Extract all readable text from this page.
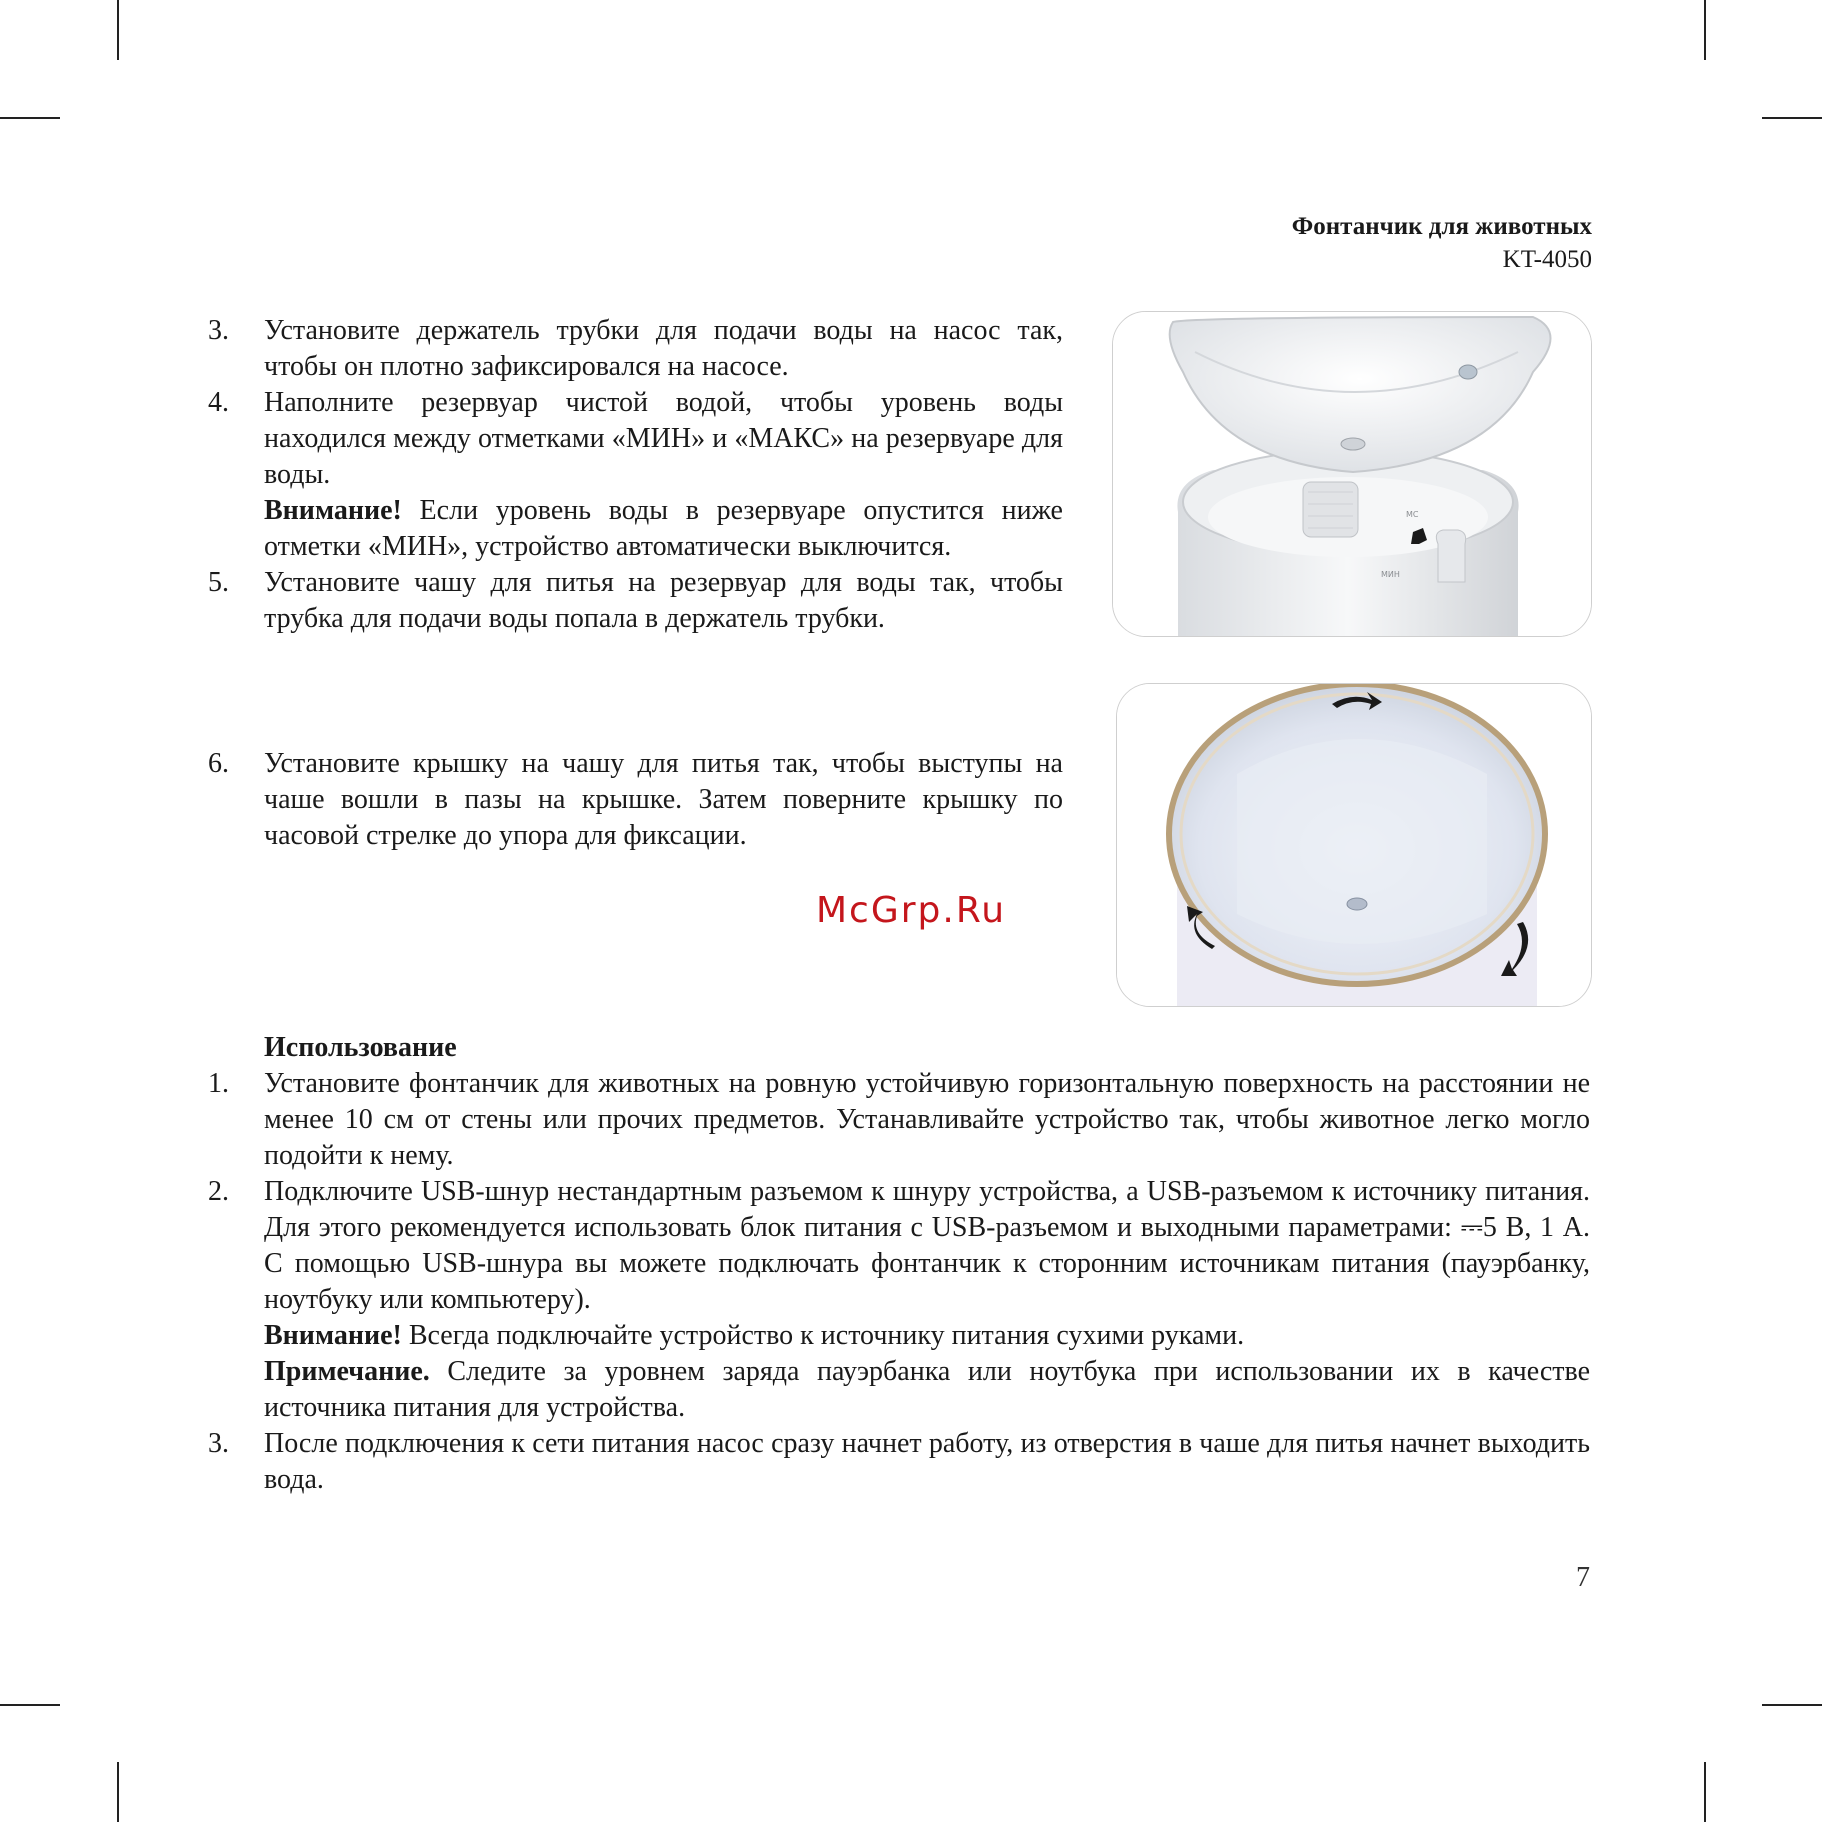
Фонтанчик для животных
KT-4050
3. Установите держатель трубки для подачи воды на насос так, чтобы он плотно зафиксировался на насосе.

4. Наполните резервуар чистой водой, чтобы уровень воды находился между отметками «МИН» и «МАКС» на резервуаре для воды.

Внимание! Если уровень воды в резервуаре опустится ниже отметки «МИН», устройство автоматически выключится.

5. Установите чашу для питья на резервуар для воды так, чтобы трубка для подачи воды попала в держатель трубки.

6. Установите крышку на чашу для питья так, чтобы выступы на чаше вошли в пазы на крышке. Затем поверните крышку по часовой стрелке до упора для фиксации.

MC
МИН
McGrp.Ru

Использование

1. Установите фонтанчик для животных на ровную устойчивую горизонтальную поверхность на расстоянии не менее 10 см от стены или прочих предметов. Устанавливайте устройство так, чтобы животное легко могло подойти к нему.

2. Подключите USB-шнур нестандартным разъемом к шнуру устройства, а USB-разъемом к источнику питания. Для этого рекомендуется использовать блок питания с USB-разъемом и выходными параметрами: ⎓5 В, 1 А. С помощью USB-шнура вы можете подключать фонтанчик к сторонним источникам питания (пауэрбанку, ноутбуку или компьютеру).

Внимание! Всегда подключайте устройство к источнику питания сухими руками.

Примечание. Следите за уровнем заряда пауэрбанка или ноутбука при использовании их в качестве источника питания для устройства.

3. После подключения к сети питания насос сразу начнет работу, из отверстия в чаше для питья начнет выходить вода.

7
